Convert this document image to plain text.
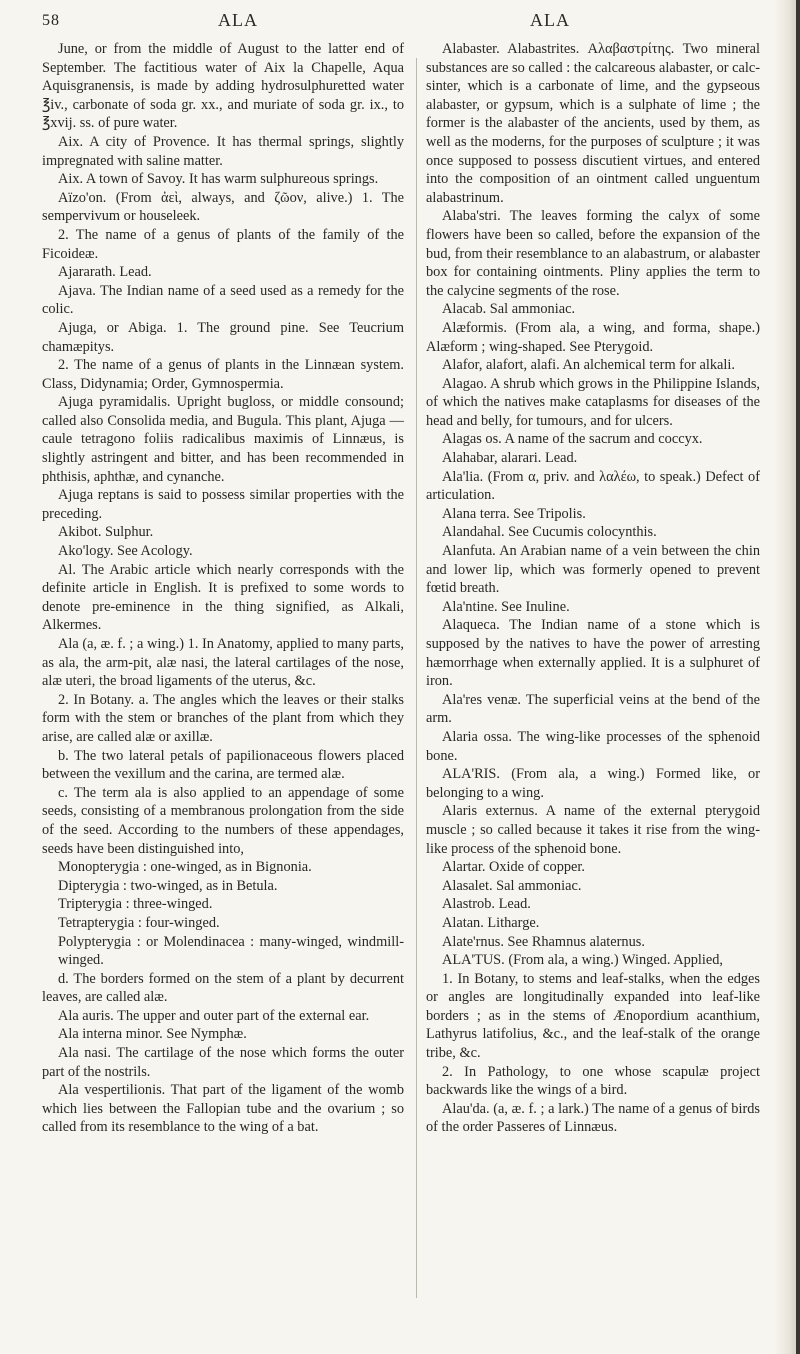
58	ALA	ALA

June, or from the middle of August to the latter end of September. The factitious water of Aix la Chapelle, Aqua Aquisgranensis, is made by adding hydrosulphuretted water ℥iv., carbonate of soda gr. xx., and muriate of soda gr. ix., to ℥xvij. ss. of pure water.

Aix. A city of Provence. It has thermal springs, slightly impregnated with saline matter.

Aix. A town of Savoy. It has warm sulphureous springs.

Aïzo'on. (From ἀεὶ, always, and ζῶον, alive.) 1. The sempervivum or houseleek.

2. The name of a genus of plants of the family of the Ficoideæ.

Ajararath. Lead.

Ajava. The Indian name of a seed used as a remedy for the colic.

Ajuga, or Abiga. 1. The ground pine. See Teucrium chamæpitys.

2. The name of a genus of plants in the Linnæan system. Class, Didynamia; Order, Gymnospermia.

Ajuga pyramidalis. Upright bugloss, or middle consound; called also Consolida media, and Bugula. This plant, Ajuga — caule tetragono foliis radicalibus maximis of Linnæus, is slightly astringent and bitter, and has been recommended in phthisis, aphthæ, and cynanche.

Ajuga reptans is said to possess similar properties with the preceding.

Akibot. Sulphur.

Ako'logy. See Acology.

Al. The Arabic article which nearly corresponds with the definite article in English. It is prefixed to some words to denote pre-eminence in the thing signified, as Alkali, Alkermes.

Ala (a, æ. f. ; a wing.) 1. In Anatomy, applied to many parts, as ala, the arm-pit, alæ nasi, the lateral cartilages of the nose, alæ uteri, the broad ligaments of the uterus, &c.

2. In Botany. a. The angles which the leaves or their stalks form with the stem or branches of the plant from which they arise, are called alæ or axillæ.

b. The two lateral petals of papilionaceous flowers placed between the vexillum and the carina, are termed alæ.

c. The term ala is also applied to an appendage of some seeds, consisting of a membranous prolongation from the side of the seed. According to the numbers of these appendages, seeds have been distinguished into,

Monopterygia : one-winged, as in Bignonia.

Dipterygia : two-winged, as in Betula.

Tripterygia : three-winged.

Tetrapterygia : four-winged.

Polypterygia : or Molendinacea : many-winged, windmill-winged.

d. The borders formed on the stem of a plant by decurrent leaves, are called alæ.

Ala auris. The upper and outer part of the external ear.

Ala interna minor. See Nymphæ.

Ala nasi. The cartilage of the nose which forms the outer part of the nostrils.

Ala vespertilionis. That part of the ligament of the womb which lies between the Fallopian tube and the ovarium ; so called from its resemblance to the wing of a bat.

Alabaster. Alabastrites. Αλαβαστρίτης. Two mineral substances are so called : the calcareous alabaster, or calc-sinter, which is a carbonate of lime, and the gypseous alabaster, or gypsum, which is a sulphate of lime ; the former is the alabaster of the ancients, used by them, as well as the moderns, for the purposes of sculpture ; it was once supposed to possess discutient virtues, and entered into the composition of an ointment called unguentum alabastrinum.

Alaba'stri. The leaves forming the calyx of some flowers have been so called, before the expansion of the bud, from their resemblance to an alabastrum, or alabaster box for containing ointments. Pliny applies the term to the calycine segments of the rose.

Alacab. Sal ammoniac.

Alæformis. (From ala, a wing, and forma, shape.) Alæform ; wing-shaped. See Pterygoid.

Alafor, alafort, alafi. An alchemical term for alkali.

Alagao. A shrub which grows in the Philippine Islands, of which the natives make cataplasms for diseases of the head and belly, for tumours, and for ulcers.

Alagas os. A name of the sacrum and coccyx.

Alahabar, alarari. Lead.

Ala'lia. (From α, priv. and λαλέω, to speak.) Defect of articulation.

Alana terra. See Tripolis.

Alandahal. See Cucumis colocynthis.

Alanfuta. An Arabian name of a vein between the chin and lower lip, which was formerly opened to prevent fœtid breath.

Ala'ntine. See Inuline.

Alaqueca. The Indian name of a stone which is supposed by the natives to have the power of arresting hæmorrhage when externally applied. It is a sulphuret of iron.

Ala'res venæ. The superficial veins at the bend of the arm.

Alaria ossa. The wing-like processes of the sphenoid bone.

ALA'RIS. (From ala, a wing.) Formed like, or belonging to a wing.

Alaris externus. A name of the external pterygoid muscle ; so called because it takes it rise from the wing-like process of the sphenoid bone.

Alartar. Oxide of copper.

Alasalet. Sal ammoniac.

Alastrob. Lead.

Alatan. Litharge.

Alate'rnus. See Rhamnus alaternus.

ALA'TUS. (From ala, a wing.) Winged. Applied,

1. In Botany, to stems and leaf-stalks, when the edges or angles are longitudinally expanded into leaf-like borders ; as in the stems of Ænopordium acanthium, Lathyrus latifolius, &c., and the leaf-stalk of the orange tribe, &c.

2. In Pathology, to one whose scapulæ project backwards like the wings of a bird.

Alau'da. (a, æ. f. ; a lark.) The name of a genus of birds of the order Passeres of Linnæus.
